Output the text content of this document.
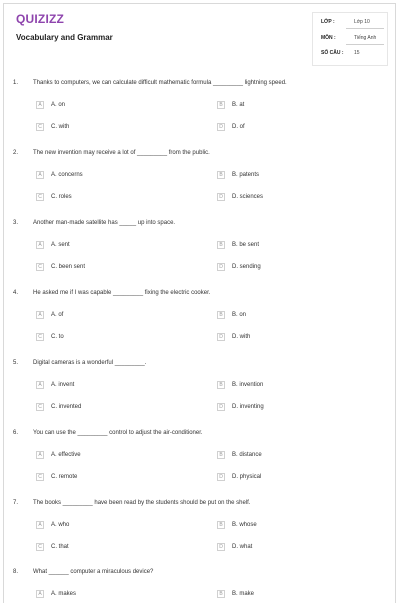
QUIZIZZ
Vocabulary and Grammar
LỚP :	Lớp 10
MÔN :	Tiếng Anh
SỐ CÂU : 15
1. Thanks to computers, we can calculate difficult mathematic formula _________ lightning speed.
A	A. on	B	B. at
C	C. with	D	D. of
2. The new invention may receive a lot of _________ from the public.
A	A. concerns	B	B. patents
C	C. roles	D	D. sciences
3. Another man-made satellite has _____ up into space.
A	A. sent	B	B. be sent
C	C. been sent	D	D. sending
4. He asked me if I was capable _________ fixing the electric cooker.
A	A. of	B	B. on
C	C. to	D	D. with
5. Digital cameras is a wonderful _________.
A	A. invent	B	B. invention
C	C. invented	D	D. inventing
6. You can use the _________ control to adjust the air-conditioner.
A	A. effective	B	B. distance
C	C. remote	D	D. physical
7. The books _________ have been read by the students should be put on the shelf.
A	A. who	B	B. whose
C	C. that	D	D. what
8. What ______ computer a miraculous device?
A	A. makes	B	B. make
